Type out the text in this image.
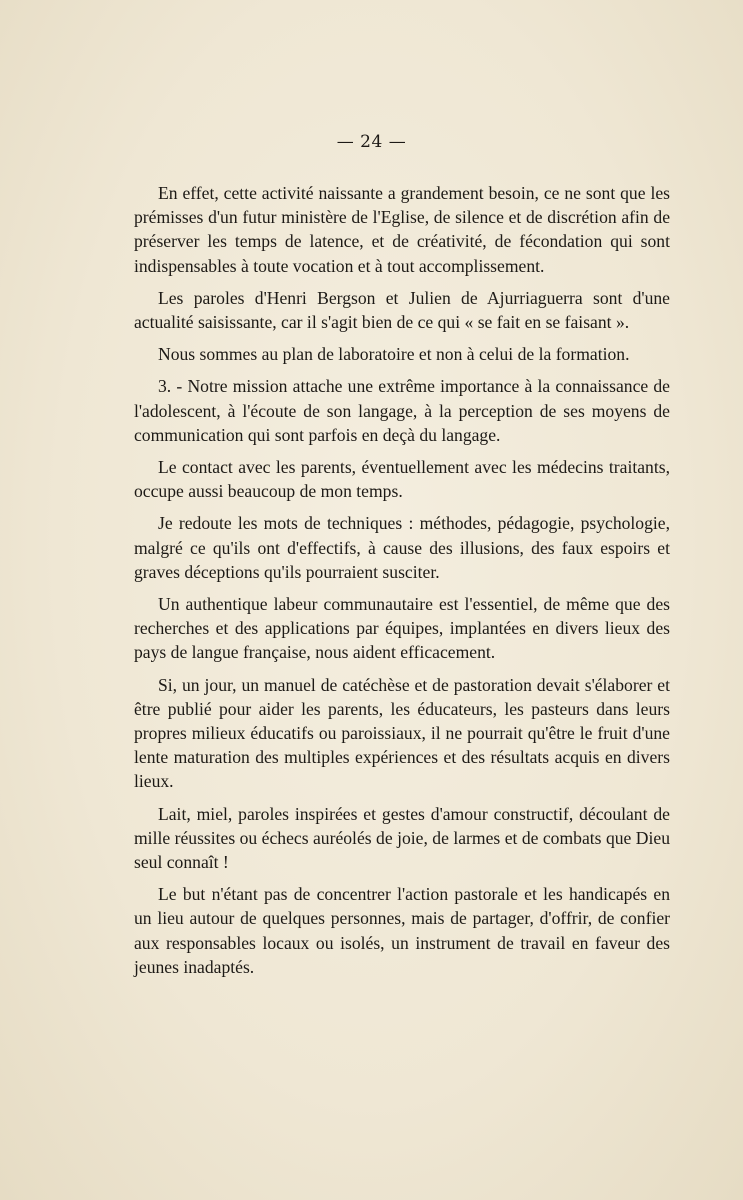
— 24 —

En effet, cette activité naissante a grandement besoin, ce ne sont que les prémisses d'un futur ministère de l'Eglise, de silence et de discrétion afin de préserver les temps de latence, et de créativité, de fécondation qui sont indispensables à toute vocation et à tout accomplissement.

Les paroles d'Henri Bergson et Julien de Ajurriaguerra sont d'une actualité saisissante, car il s'agit bien de ce qui « se fait en se faisant ».

Nous sommes au plan de laboratoire et non à celui de la formation.

3. - Notre mission attache une extrême importance à la connaissance de l'adolescent, à l'écoute de son langage, à la perception de ses moyens de communication qui sont parfois en deçà du langage.

Le contact avec les parents, éventuellement avec les médecins traitants, occupe aussi beaucoup de mon temps.

Je redoute les mots de techniques : méthodes, pédagogie, psychologie, malgré ce qu'ils ont d'effectifs, à cause des illusions, des faux espoirs et graves déceptions qu'ils pourraient susciter.

Un authentique labeur communautaire est l'essentiel, de même que des recherches et des applications par équipes, implantées en divers lieux des pays de langue française, nous aident efficacement.

Si, un jour, un manuel de catéchèse et de pastoration devait s'élaborer et être publié pour aider les parents, les éducateurs, les pasteurs dans leurs propres milieux éducatifs ou paroissiaux, il ne pourrait qu'être le fruit d'une lente maturation des multiples expériences et des résultats acquis en divers lieux.

Lait, miel, paroles inspirées et gestes d'amour constructif, découlant de mille réussites ou échecs auréolés de joie, de larmes et de combats que Dieu seul connaît !

Le but n'étant pas de concentrer l'action pastorale et les handicapés en un lieu autour de quelques personnes, mais de partager, d'offrir, de confier aux responsables locaux ou isolés, un instrument de travail en faveur des jeunes inadaptés.
